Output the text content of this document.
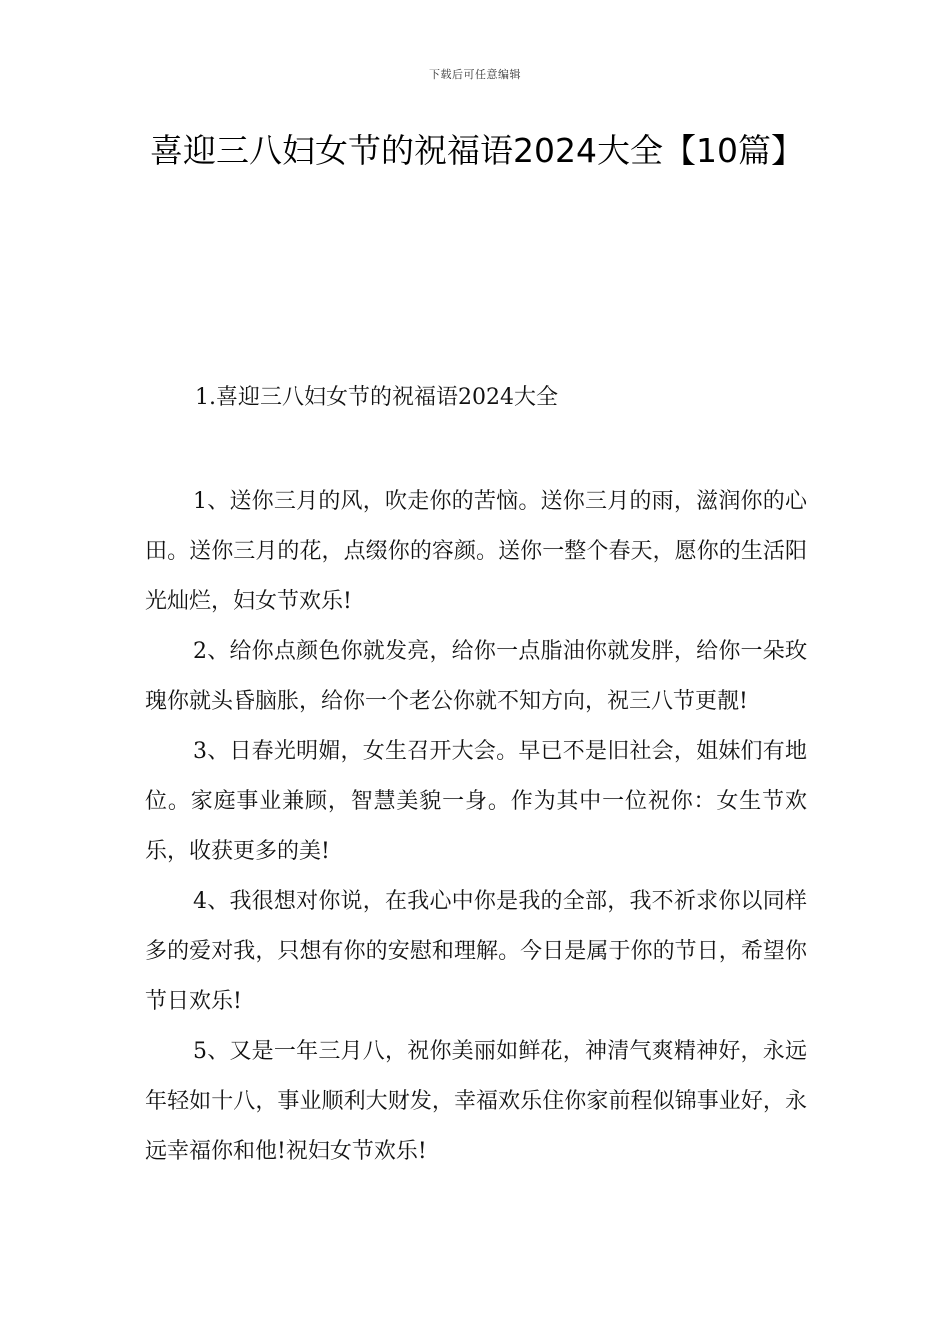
下载后可任意编辑
喜迎三八妇女节的祝福语2024大全【10篇】
1.喜迎三八妇女节的祝福语2024大全

1、送你三月的风，吹走你的苦恼。送你三月的雨，滋润你的心田。送你三月的花，点缀你的容颜。送你一整个春天，愿你的生活阳光灿烂，妇女节欢乐!

2、给你点颜色你就发亮，给你一点脂油你就发胖，给你一朵玫瑰你就头昏脑胀，给你一个老公你就不知方向，祝三八节更靓!

3、日春光明媚，女生召开大会。早已不是旧社会，姐妹们有地位。家庭事业兼顾，智慧美貌一身。作为其中一位祝你：女生节欢乐，收获更多的美!

4、我很想对你说，在我心中你是我的全部，我不祈求你以同样多的爱对我，只想有你的安慰和理解。今日是属于你的节日，希望你节日欢乐!

5、又是一年三月八，祝你美丽如鲜花，神清气爽精神好，永远年轻如十八，事业顺利大财发，幸福欢乐住你家前程似锦事业好，永远幸福你和他!祝妇女节欢乐!
